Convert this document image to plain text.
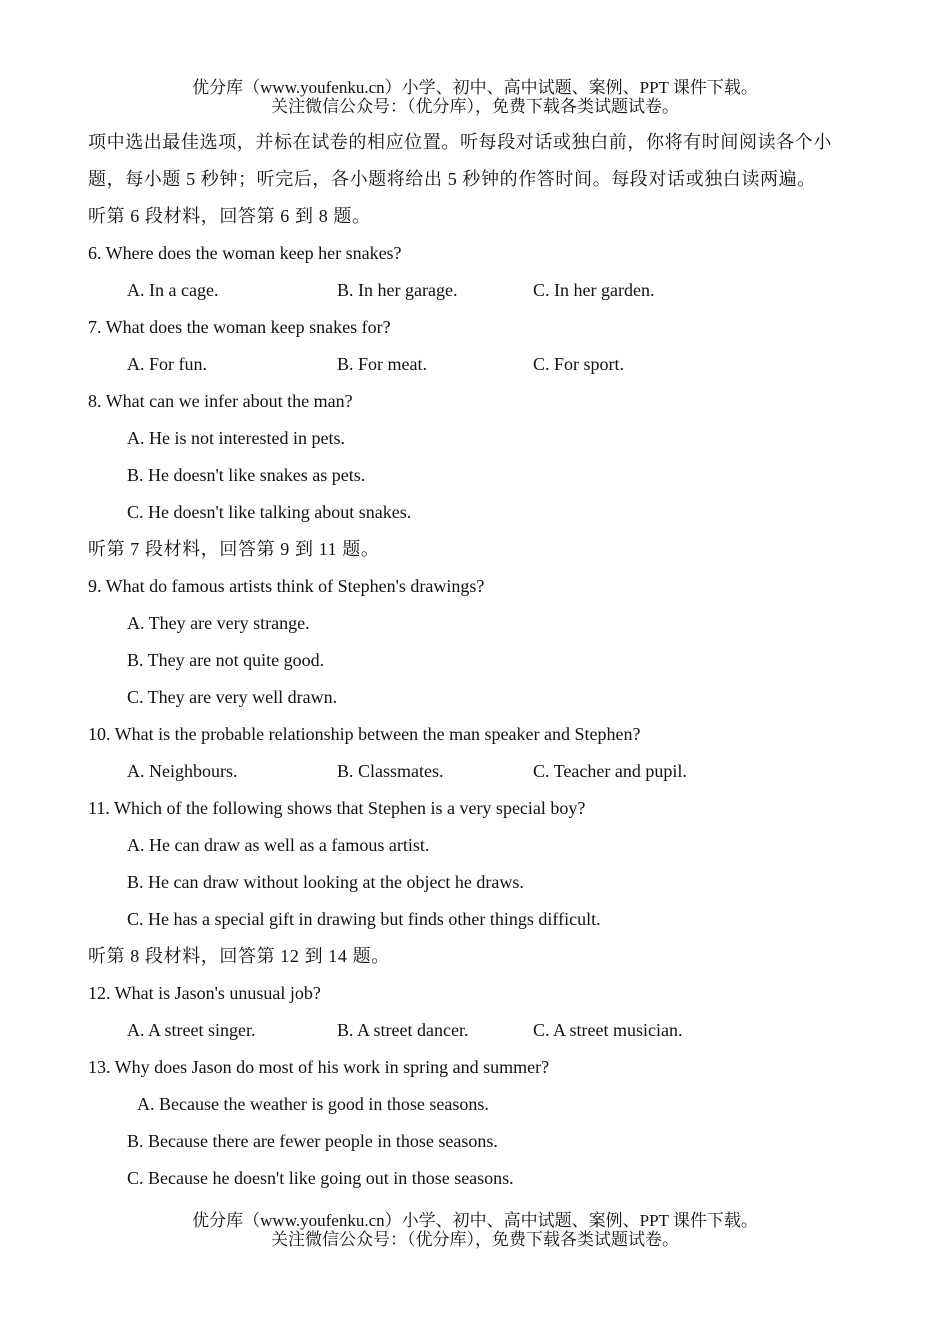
优分库（www.youfenku.cn）小学、初中、高中试题、案例、PPT 课件下载。
关注微信公众号：（优分库），免费下载各类试题试卷。
项中选出最佳选项，并标在试卷的相应位置。听每段对话或独白前，你将有时间阅读各个小
题，每小题 5 秒钟；听完后，各小题将给出 5 秒钟的作答时间。每段对话或独白读两遍。
听第 6 段材料，回答第 6 到 8 题。
6. Where does the woman keep her snakes?
A. In a cage.	B. In her garage.	C. In her garden.
7. What does the woman keep snakes for?
A. For fun.	B. For meat.	C. For sport.
8. What can we infer about the man?
A. He is not interested in pets.
B. He doesn't like snakes as pets.
C. He doesn't like talking about snakes.
听第 7 段材料，回答第 9 到 11 题。
9. What do famous artists think of Stephen's drawings?
A. They are very strange.
B. They are not quite good.
C. They are very well drawn.
10. What is the probable relationship between the man speaker and Stephen?
A. Neighbours.	B. Classmates.	C. Teacher and pupil.
11. Which of the following shows that Stephen is a very special boy?
A. He can draw as well as a famous artist.
B. He can draw without looking at the object he draws.
C. He has a special gift in drawing but finds other things difficult.
听第 8 段材料，回答第 12 到 14 题。
12. What is Jason's unusual job?
A. A street singer.	B. A street dancer.	C. A street musician.
13. Why does Jason do most of his work in spring and summer?
A. Because the weather is good in those seasons.
B. Because there are fewer people in those seasons.
C. Because he doesn't like going out in those seasons.
优分库（www.youfenku.cn）小学、初中、高中试题、案例、PPT 课件下载。
关注微信公众号：（优分库），免费下载各类试题试卷。
